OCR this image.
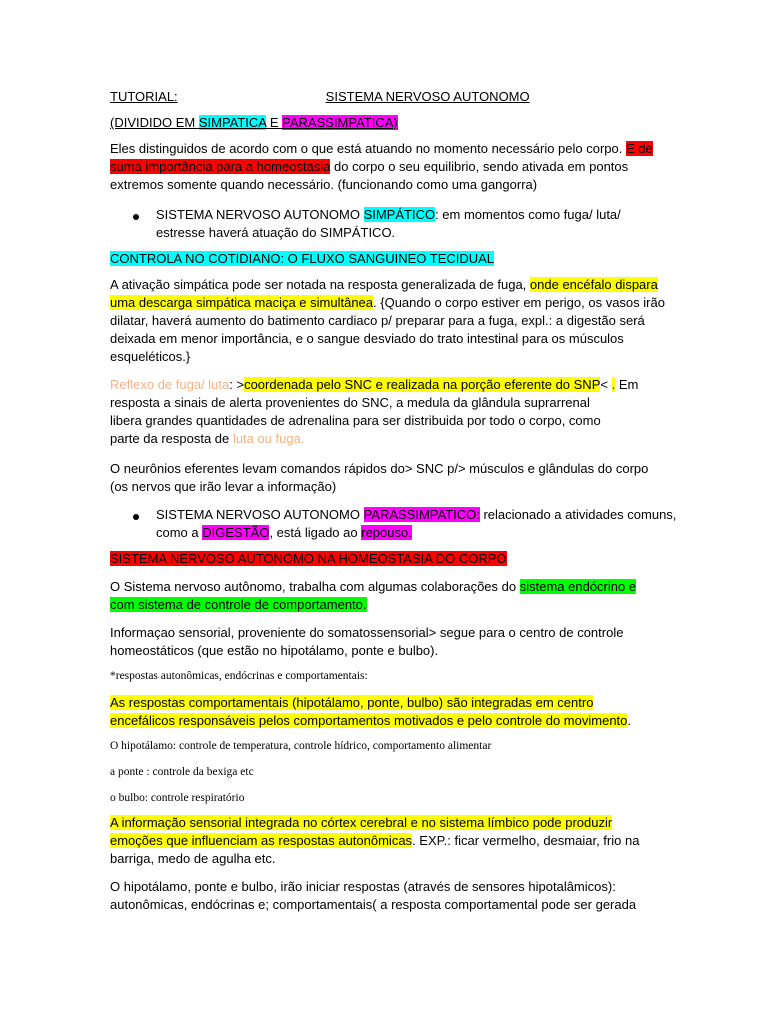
TUTORIAL:	SISTEMA NERVOSO AUTONOMO
(DIVIDIDO EM SIMPATICA E PARASSIMPATICA)
Eles distinguidos de acordo com o que está atuando no momento necessário pelo corpo. E de
suma importância para a homeostasia do corpo o seu equilibrio, sendo ativada em pontos
extremos somente quando necessário. (funcionando como uma gangorra)
SISTEMA NERVOSO AUTONOMO SIMPÁTICO: em momentos como fuga/ luta/
estresse haverá atuação do SIMPÁTICO.
CONTROLA NO COTIDIANO: O FLUXO SANGUINEO TECIDUAL
A ativação simpática pode ser notada na resposta generalizada de fuga, onde encéfalo dispara
uma descarga simpática maciça e simultânea. {Quando o corpo estiver em perigo, os vasos irão
dilatar, haverá aumento do batimento cardiaco p/ preparar para a fuga, expl.: a digestão será
deixada em menor importância, e o sangue desviado do trato intestinal para os músculos
esqueléticos.}
Reflexo de fuga/ luta: >coordenada pelo SNC e realizada na porção eferente do SNP< . Em
resposta a sinais de alerta provenientes do SNC, a medula da glândula suprarrenal
libera grandes quantidades de adrenalina para ser distribuida por todo o corpo, como
parte da resposta de luta ou fuga.
O neurônios eferentes levam comandos rápidos do> SNC p/> músculos e glândulas do corpo
(os nervos que irão levar a informação)
SISTEMA NERVOSO AUTONOMO PARASSIMPATICO: relacionado a atividades comuns,
como a DIGESTÃO, está ligado ao repouso.
SISTEMA NERVOSO AUTONOMO NA HOMEOSTASIA DO CORPO
O Sistema nervoso autônomo, trabalha com algumas colaborações do sistema endócrino e
com sistema de controle de comportamento.
Informaçao sensorial, proveniente do somatossensorial> segue para o centro de controle
homeostáticos (que estão no hipotálamo, ponte e bulbo).
*respostas autonômicas, endócrinas e comportamentais:
As respostas comportamentais (hipotálamo, ponte, bulbo) são integradas em centro
encefálicos responsáveis pelos comportamentos motivados e pelo controle do movimento.
O hipotálamo: controle de temperatura, controle hídrico, comportamento alimentar
a ponte : controle da bexiga etc
o bulbo: controle respiratório
A informação sensorial integrada no córtex cerebral e no sistema límbico pode produzir
emoções que influenciam as respostas autonômicas. EXP.: ficar vermelho, desmaiar, frio na
barriga, medo de agulha etc.
O hipotálamo, ponte e bulbo, irão iniciar respostas (através de sensores hipotalâmicos):
autonômicas, endócrinas e; comportamentais( a resposta comportamental pode ser gerada
